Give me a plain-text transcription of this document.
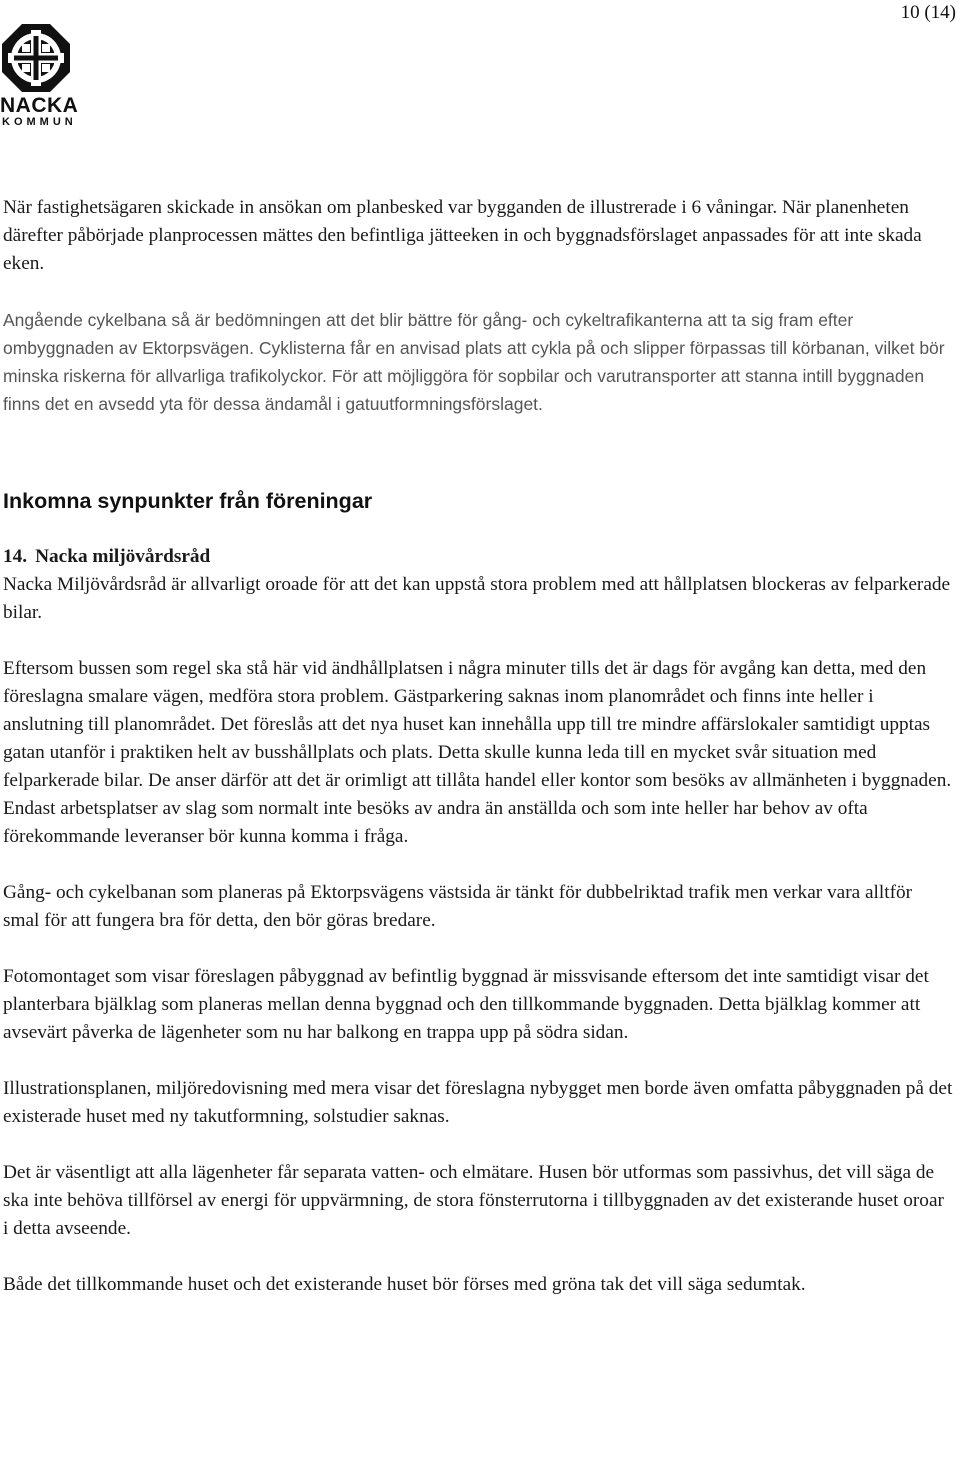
10 (14)
NACKA
KOMMUN

När fastighetsägaren skickade in ansökan om planbesked var bygganden de illustrerade i 6 våningar. När planenheten därefter påbörjade planprocessen mättes den befintliga jätteeken in och byggnadsförslaget anpassades för att inte skada eken.

Angående cykelbana så är bedömningen att det blir bättre för gång- och cykeltrafikanterna att ta sig fram efter ombyggnaden av Ektorpsvägen. Cyklisterna får en anvisad plats att cykla på och slipper förpassas till körbanan, vilket bör minska riskerna för allvarliga trafikolyckor. För att möjliggöra för sopbilar och varutransporter att stanna intill byggnaden finns det en avsedd yta för dessa ändamål i gatuutformningsförslaget.

Inkomna synpunkter från föreningar
14. Nacka miljövårdsråd

Nacka Miljövårdsråd är allvarligt oroade för att det kan uppstå stora problem med att hållplatsen blockeras av felparkerade bilar.

Eftersom bussen som regel ska stå här vid ändhållplatsen i några minuter tills det är dags för avgång kan detta, med den föreslagna smalare vägen, medföra stora problem. Gästparkering saknas inom planområdet och finns inte heller i anslutning till planområdet. Det föreslås att det nya huset kan innehålla upp till tre mindre affärslokaler samtidigt upptas gatan utanför i praktiken helt av busshållplats och plats. Detta skulle kunna leda till en mycket svår situation med felparkerade bilar. De anser därför att det är orimligt att tillåta handel eller kontor som besöks av allmänheten i byggnaden. Endast arbetsplatser av slag som normalt inte besöks av andra än anställda och som inte heller har behov av ofta förekommande leveranser bör kunna komma i fråga.

Gång- och cykelbanan som planeras på Ektorpsvägens västsida är tänkt för dubbelriktad trafik men verkar vara alltför smal för att fungera bra för detta, den bör göras bredare.

Fotomontaget som visar föreslagen påbyggnad av befintlig byggnad är missvisande eftersom det inte samtidigt visar det planterbara bjälklag som planeras mellan denna byggnad och den tillkommande byggnaden. Detta bjälklag kommer att avsevärt påverka de lägenheter som nu har balkong en trappa upp på södra sidan.

Illustrationsplanen, miljöredovisning med mera visar det föreslagna nybygget men borde även omfatta påbyggnaden på det existerade huset med ny takutformning, solstudier saknas.

Det är väsentligt att alla lägenheter får separata vatten- och elmätare. Husen bör utformas som passivhus, det vill säga de ska inte behöva tillförsel av energi för uppvärmning, de stora fönsterrutorna i tillbyggnaden av det existerande huset oroar i detta avseende.

Både det tillkommande huset och det existerande huset bör förses med gröna tak det vill säga sedumtak.
